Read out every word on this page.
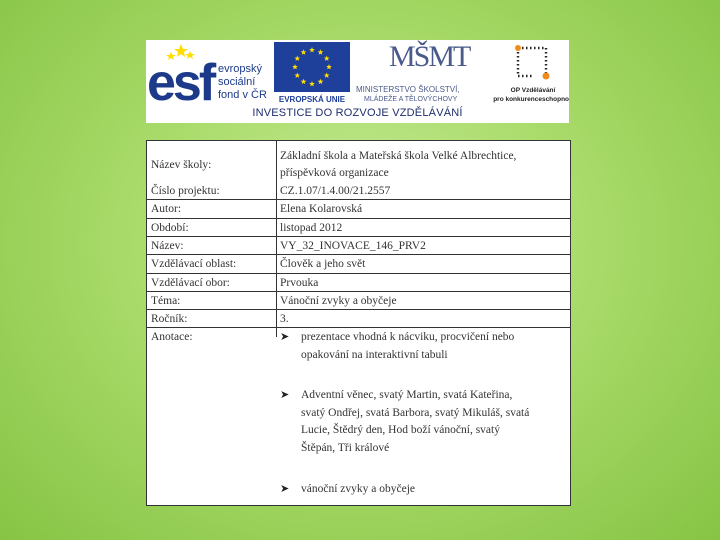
esf evropský
sociální
fond v ČR EVROPSKÁ UNIE
MŠMT
MINISTERSTVO ŠKOLSTVÍ,
MLÁDEŽE A TĚLOVÝCHOVY
OP Vzdělávání
pro konkurenceschopnost
INVESTICE DO ROZVOJE VZDĚLÁVÁNÍ
Název školy:
Základní škola a Mateřská škola Velké Albrechtice,
příspěvková organizace
Číslo projektu:	CZ.1.07/1.4.00/21.2557
Autor:	Elena Kolarovská
Období:	listopad 2012
Název:	VY_32_INOVACE_146_PRV2
Vzdělávací oblast:	Člověk a jeho svět
Vzdělávací obor:	Prvouka
Téma:	Vánoční zvyky a obyčeje
Ročník:	3.
Anotace:	➤ prezentace vhodná k nácviku, procvičení nebo
opakování na interaktivní tabuli
➤ Adventní věnec, svatý Martin, svatá Kateřina,
svatý Ondřej, svatá Barbora, svatý Mikuláš, svatá
Lucie, Štědrý den, Hod boží vánoční, svatý
Štěpán, Tři králové
➤ vánoční zvyky a obyčeje
